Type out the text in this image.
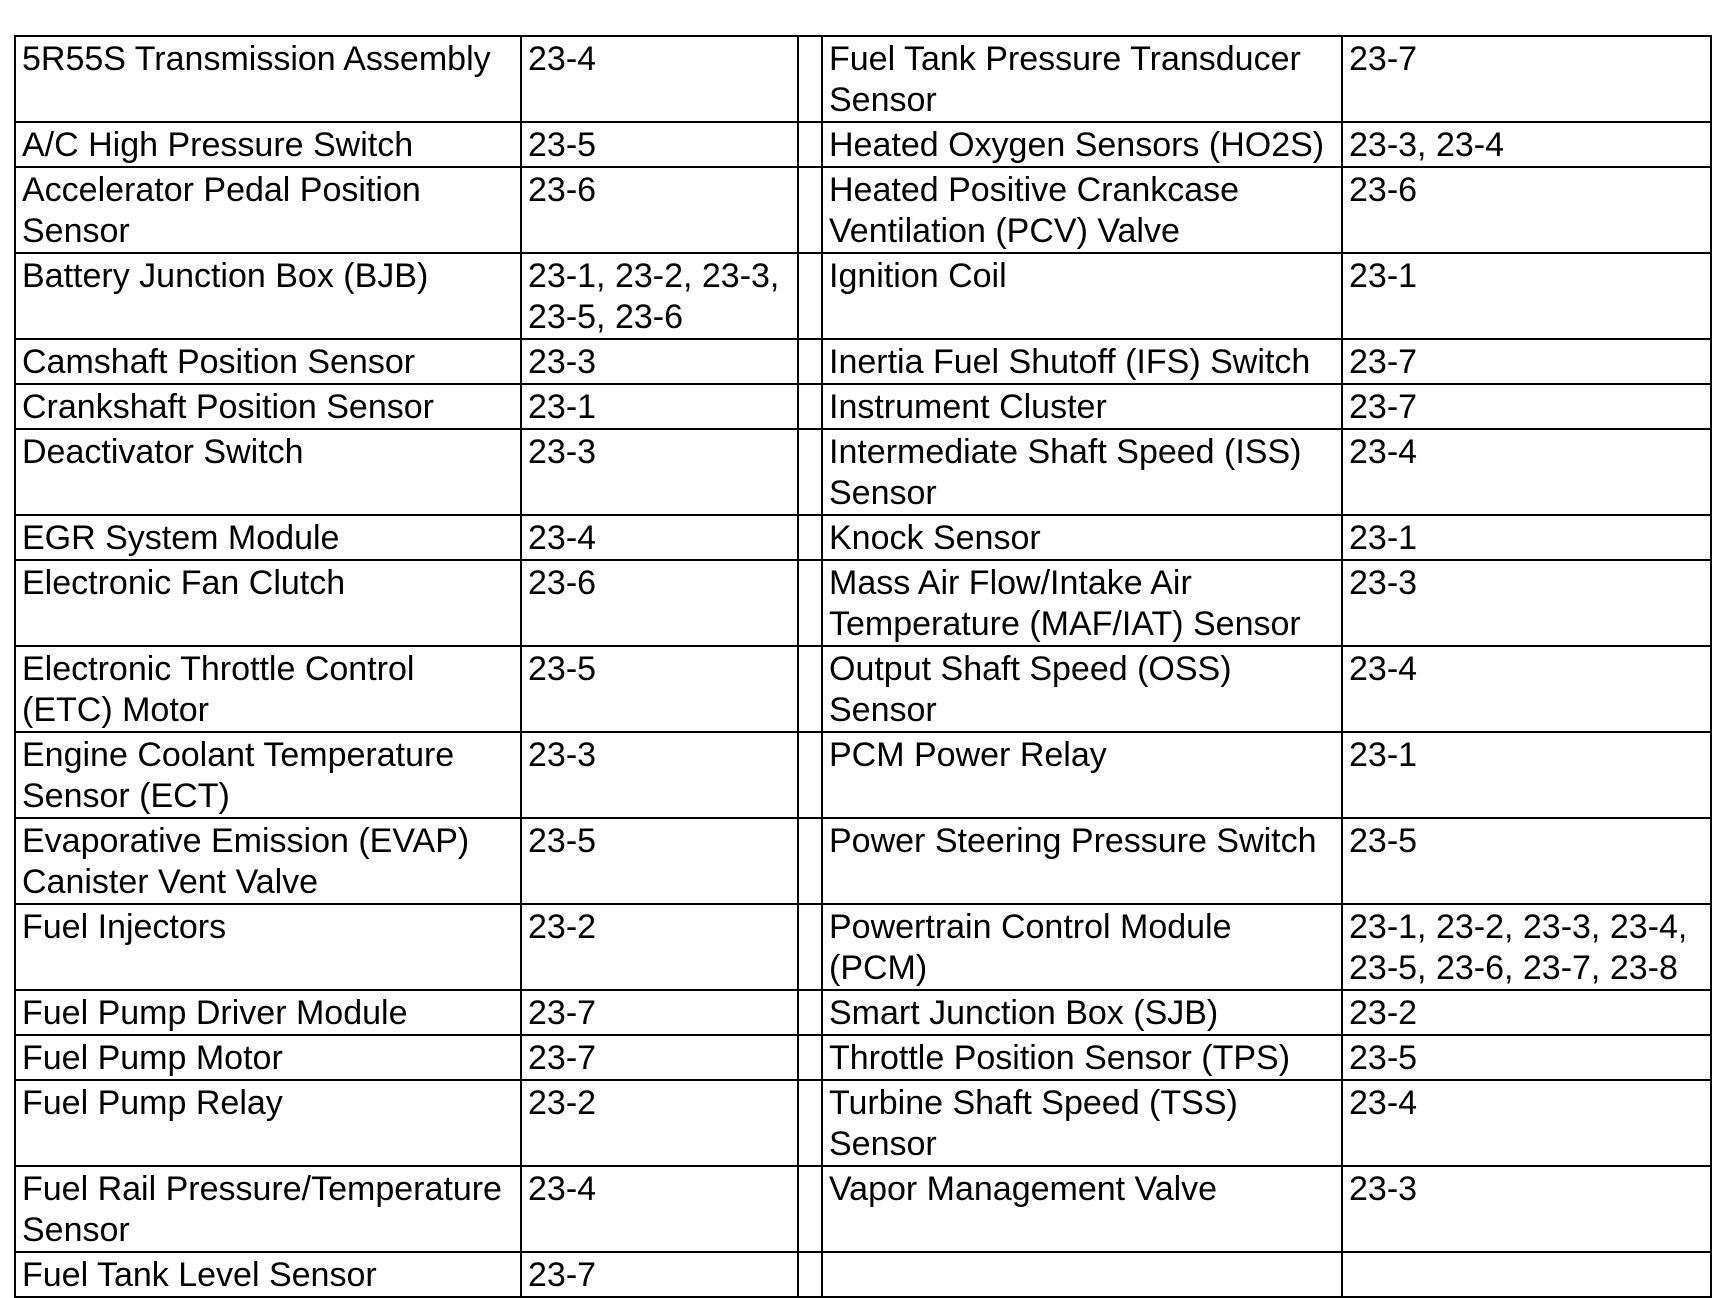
5R55S Transmission Assembly	23-4		Fuel Tank Pressure Transducer Sensor	23-7
A/C High Pressure Switch	23-5		Heated Oxygen Sensors (HO2S)	23-3, 23-4
Accelerator Pedal Position Sensor	23-6		Heated Positive Crankcase Ventilation (PCV) Valve	23-6
Battery Junction Box (BJB)	23-1, 23-2, 23-3, 23-5, 23-6		Ignition Coil	23-1
Camshaft Position Sensor	23-3		Inertia Fuel Shutoff (IFS) Switch	23-7
Crankshaft Position Sensor	23-1		Instrument Cluster	23-7
Deactivator Switch	23-3		Intermediate Shaft Speed (ISS) Sensor	23-4
EGR System Module	23-4		Knock Sensor	23-1
Electronic Fan Clutch	23-6		Mass Air Flow/Intake Air Temperature (MAF/IAT) Sensor	23-3
Electronic Throttle Control (ETC) Motor	23-5		Output Shaft Speed (OSS) Sensor	23-4
Engine Coolant Temperature Sensor (ECT)	23-3		PCM Power Relay	23-1
Evaporative Emission (EVAP) Canister Vent Valve	23-5		Power Steering Pressure Switch	23-5
Fuel Injectors	23-2		Powertrain Control Module (PCM)	23-1, 23-2, 23-3, 23-4, 23-5, 23-6, 23-7, 23-8
Fuel Pump Driver Module	23-7		Smart Junction Box (SJB)	23-2
Fuel Pump Motor	23-7		Throttle Position Sensor (TPS)	23-5
Fuel Pump Relay	23-2		Turbine Shaft Speed (TSS) Sensor	23-4
Fuel Rail Pressure/Temperature Sensor	23-4		Vapor Management Valve	23-3
Fuel Tank Level Sensor	23-7			
